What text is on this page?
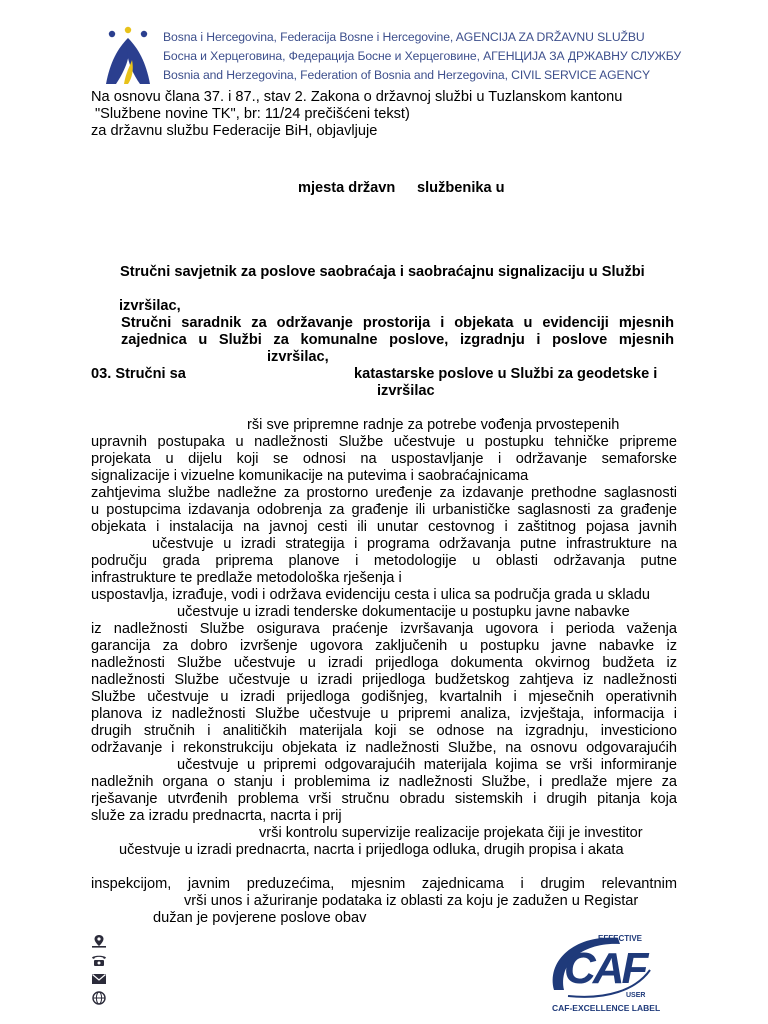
Bosna i Hercegovina, Federacija Bosne i Hercegovine, AGENCIJA ZA DRŽAVNU SLUŽBU
Босна и Херцеговина, Федерација Босне и Херцеговине, АГЕНЦИЈА ЗА ДРЖАВНУ СЛУЖБУ
Bosnia and Herzegovina, Federation of Bosnia and Herzegovina, CIVIL SERVICE AGENCY
Na osnovu člana 37. i 87., stav 2. Zakona o državnoj službi u Tuzlanskom kantonu
"Službene novine TK", br: 11/24 prečišćeni tekst)
za državnu službu Federacije BiH, objavljuje
mjesta državn službenika u
Stručni savjetnik za poslove saobraćaja i saobraćajnu signalizaciju u Službi
izvršilac,
Stručni saradnik za održavanje prostorija i objekata u evidenciji mjesnih
zajednica u Službi za komunalne poslove, izgradnju i poslove mjesnih
izvršilac,
03. Stručni sa	katastarske poslove u Službi za geodetske i
izvršilac
rši sve pripremne radnje za potrebe vođenja prvostepenih
upravnih postupaka u nadležnosti Službe učestvuje u postupku tehničke pripreme
projekata u dijelu koji se odnosi na uspostavljanje i održavanje semaforske
signalizacije i vizuelne komunikacije na putevima i saobraćajnicama
zahtjevima službe nadležne za prostorno uređenje za izdavanje prethodne saglasnosti
u postupcima izdavanja odobrenja za građenje ili urbanističke saglasnosti za građenje
objekata i instalacija na javnoj cesti ili unutar cestovnog i zaštitnog pojasa javnih
učestvuje u izradi strategija i programa održavanja putne infrastrukture na
području grada priprema planove i metodologije u oblasti održavanja putne
infrastrukture te predlaže metodološka rješenja i
uspostavlja, izrađuje, vodi i održava evidenciju cesta i ulica sa područja grada u skladu
učestvuje u izradi tenderske dokumentacije u postupku javne nabavke
iz nadležnosti Službe osigurava praćenje izvršavanja ugovora i perioda važenja
garancija za dobro izvršenje ugovora zaključenih u postupku javne nabavke iz
nadležnosti Službe učestvuje u izradi prijedloga dokumenta okvirnog budžeta iz
nadležnosti Službe učestvuje u izradi prijedloga budžetskog zahtjeva iz nadležnosti
Službe učestvuje u izradi prijedloga godišnjeg, kvartalnih i mjesečnih operativnih
planova iz nadležnosti Službe učestvuje u pripremi analiza, izvještaja, informacija i
drugih stručnih i analitičkih materijala koji se odnose na izgradnju, investiciono
održavanje i rekonstrukciju objekata iz nadležnosti Službe, na osnovu odgovarajućih
učestvuje u pripremi odgovarajućih materijala kojima se vrši informiranje
nadležnih organa o stanju i problemima iz nadležnosti Službe, i predlaže mjere za
rješavanje utvrđenih problema vrši stručnu obradu sistemskih i drugih pitanja koja
služe za izradu prednacrta, nacrta i prij
vrši kontrolu supervizije realizacije projekata čiji je investitor
učestvuje u izradi prednacrta, nacrta i prijedloga odluka, drugih propisa i akata
inspekcijom, javnim preduzećima, mjesnim zajednicama i drugim relevantnim
vrši unos i ažuriranje podataka iz oblasti za koju je zadužen u Registar
dužan je povjerene poslove obav
EFFECTIVE
CAF
USER
CAF-EXCELLENCE LABEL
